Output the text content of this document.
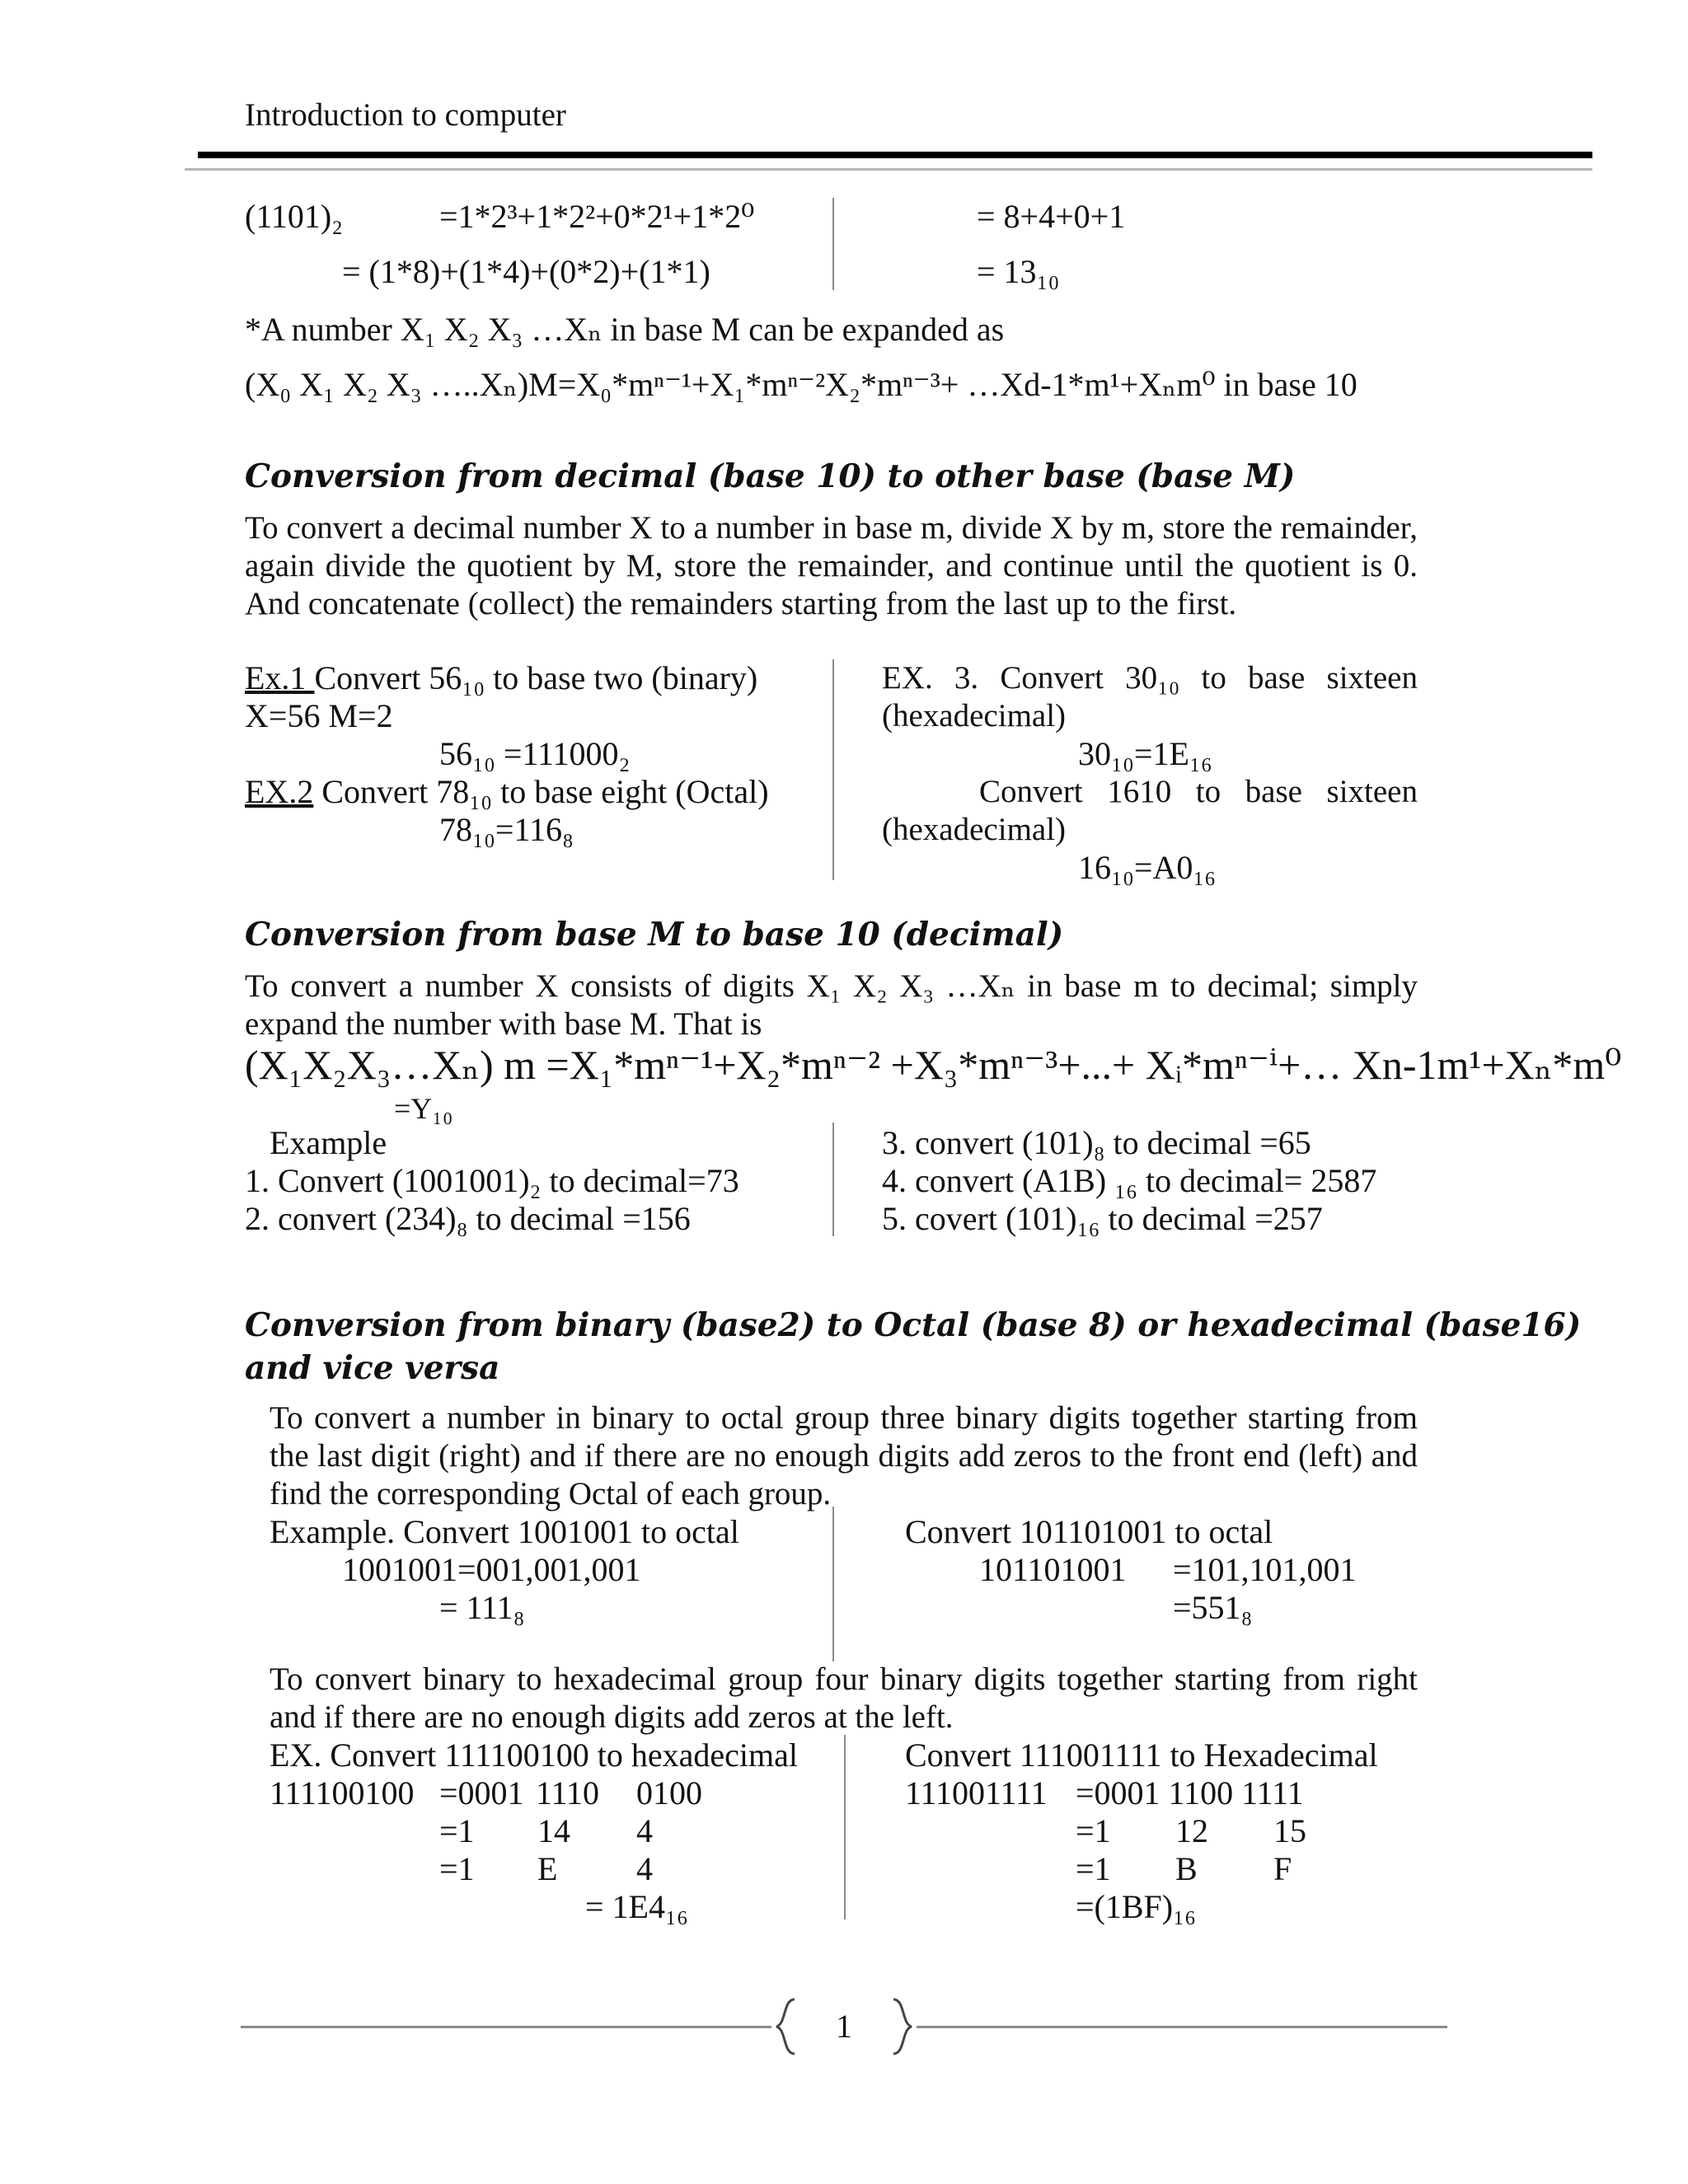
Introduction to computer
(1101)₂	=1*2³+1*2²+0*2¹+1*2⁰
= (1*8)+(1*4)+(0*2)+(1*1)
= 8+4+0+1
= 13₁₀
*A number X₁ X₂ X₃ …Xₙ in base M can be expanded as
(X₀ X₁ X₂ X₃ …..Xₙ)M=X₀*mⁿ⁻¹+X₁*mⁿ⁻²X₂*mⁿ⁻³+ …Xd-1*m¹+Xₙm⁰ in base 10
Conversion from decimal (base 10) to other base (base M)
To convert a decimal number X to a number in base m, divide X by m, store the remainder, again divide the quotient by M, store the remainder, and continue until the quotient is 0. And concatenate (collect) the remainders starting from the last up to the first.
Ex.1 Convert 56₁₀ to base two (binary)
X=56 M=2
56₁₀ =111000₂
EX.2 Convert 78₁₀ to base eight (Octal)
78₁₀=116₈
EX. 3. Convert 30₁₀ to base sixteen (hexadecimal)
30₁₀=1E₁₆
Convert 1610 to base sixteen (hexadecimal)
16₁₀=A0₁₆
Conversion from base M to base 10 (decimal)
To convert a number X consists of digits X₁ X₂ X₃ …Xₙ in base m to decimal; simply expand the number with base M. That is
(X₁X₂X₃…Xₙ) m =X₁*mⁿ⁻¹+X₂*mⁿ⁻² +X₃*mⁿ⁻³+...+ Xᵢ*mⁿ⁻ⁱ+… Xn-1m¹+Xₙ*m⁰
=Y₁₀
Example
1. Convert (1001001)₂ to decimal=73
2. convert (234)₈ to decimal =156
3. convert (101)₈ to decimal =65
4. convert (A1B) ₁₆ to decimal= 2587
5. covert (101)₁₆ to decimal =257
Conversion from binary (base2) to Octal (base 8) or hexadecimal (base16)
and vice versa
To convert a number in binary to octal group three binary digits together starting from the last digit (right) and if there are no enough digits add zeros to the front end (left) and find the corresponding Octal of each group.
Example. Convert 1001001 to octal
1001001=001,001,001
= 111₈
Convert 101101001 to octal
101101001 =101,101,001
=551₈
To convert binary to hexadecimal group four binary digits together starting from right and if there are no enough digits add zeros at the left.
EX. Convert 111100100 to hexadecimal
111100100 =0001 1110 0100
=1 14 4
=1 E 4
= 1E4₁₆
Convert 111001111 to Hexadecimal
111001111 =0001 1100 1111
=1 12 15
=1 B F
=(1BF)₁₆
1
